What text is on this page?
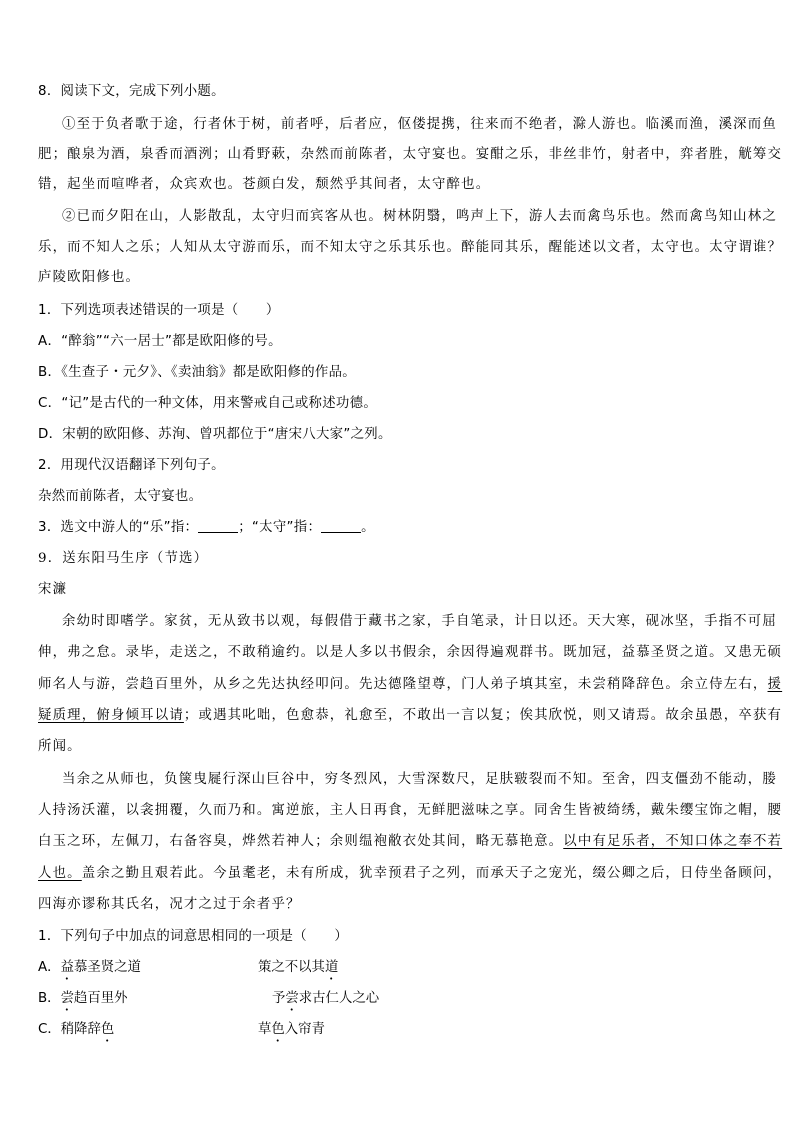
8．阅读下文，完成下列小题。
①至于负者歌于途，行者休于树，前者呼，后者应，伛偻提携，往来而不绝者，滁人游也。临溪而渔，溪深而鱼
肥；酿泉为酒，泉香而酒洌；山肴野蔌，杂然而前陈者，太守宴也。宴酣之乐，非丝非竹，射者中，弈者胜，觥筹交
错，起坐而喧哗者，众宾欢也。苍颜白发，颓然乎其间者，太守醉也。
②已而夕阳在山，人影散乱，太守归而宾客从也。树林阴翳，鸣声上下，游人去而禽鸟乐也。然而禽鸟知山林之
乐，而不知人之乐；人知从太守游而乐，而不知太守之乐其乐也。醉能同其乐，醒能述以文者，太守也。太守谓谁？
庐陵欧阳修也。
1．下列选项表述错误的一项是（　　）
A．“醉翁”“六一居士”都是欧阳修的号。
B．《生查子・元夕》、《卖油翁》都是欧阳修的作品。
C．“记”是古代的一种文体，用来警戒自己或称述功德。
D．宋朝的欧阳修、苏洵、曾巩都位于“唐宋八大家”之列。
2．用现代汉语翻译下列句子。
杂然而前陈者，太守宴也。
3．选文中游人的“乐”指：	；“太守”指：	。
9．送东阳马生序（节选）
宋濂
余幼时即嗜学。家贫，无从致书以观，每假借于藏书之家，手自笔录，计日以还。天大寒，砚冰坚，手指不可屈
伸，弗之怠。录毕，走送之，不敢稍逾约。以是人多以书假余，余因得遍观群书。既加冠，益慕圣贤之道。又患无硕
师名人与游，尝趋百里外，从乡之先达执经叩问。先达德隆望尊，门人弟子填其室，未尝稍降辞色。余立侍左右，援
疑质理，俯身倾耳以请；或遇其叱咄，色愈恭，礼愈至，不敢出一言以复；俟其欣悦，则又请焉。故余虽愚，卒获有
所闻。
当余之从师也，负箧曳屣行深山巨谷中，穷冬烈风，大雪深数尺，足肤皲裂而不知。至舍，四支僵劲不能动，媵
人持汤沃灌，以衾拥覆，久而乃和。寓逆旅，主人日再食，无鲜肥滋味之享。同舍生皆被绮绣，戴朱缨宝饰之帽，腰
白玉之环，左佩刀，右备容臭，烨然若神人；余则缊袍敝衣处其间，略无慕艳意。以中有足乐者，不知口体之奉不若
人也。盖余之勤且艰若此。今虽耄老，未有所成，犹幸预君子之列，而承天子之宠光，缀公卿之后，日侍坐备顾问，
四海亦谬称其氏名，况才之过于余者乎？
1．下列句子中加点的词意思相同的一项是（　　）
A．益慕圣贤之道	策之不以其道
B．尝趋百里外	予尝求古仁人之心
C．稍降辞色	草色入帘青
